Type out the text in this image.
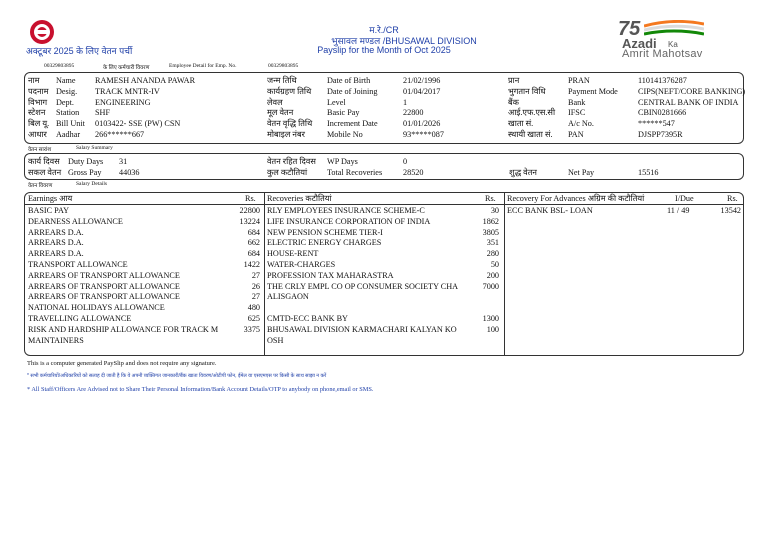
अक्टूबर 2025 के लिए वेतन पर्ची
म.रे./CR
भुसावल मण्डल /BHUSAWAL DIVISION
Payslip for the Month of Oct 2025
75
Azadi Ka
Amrit Mahotsav
00329803895	के लिए कर्मचारी विवरण	Employee Detail for Emp. No.	00329803895
नाम Name RAMESH ANANDA PAWAR
पदनाम Desig. TRACK MNTR-IV
विभाग Dept.	ENGINEERING
स्टेशन Station SHF
बिल यू. Bill Unit 0103422- SSE (PW) CSN
आधार Aadhar 266******667
जन्म तिथि	Date of Birth	21/02/1996
कार्यग्रहण तिथि Date of Joining	01/04/2017
लेवल	Level	1
मूल वेतन	Basic Pay	22800
वेतन वृद्धि तिथि Increment Date	01/01/2026
मोबाइल नंबर	Mobile No	93*****087
प्रान	PRAN	110141376287
भुगतान विधि	Payment Mode CIPS(NEFT/CORE BANKING)
बैंक	Bank	CENTRAL BANK OF INDIA
आई.एफ.एस.सी IFSC	CBIN0281666
खाता सं.	A/c No.	******547
स्थायी खाता सं. PAN	DJSPP7395R
वेतन सारांश	Salary Summary
कार्य दिवस Duty Days 31
सकल वेतन Gross Pay 44036
वेतन रहित दिवस WP Days	0
कुल कटौतियां Total Recoveries	28520	शुद्ध वेतन	Net Pay	15516
वेतन विवरण	Salary Details
Earnings आय	Rs. Recoveries कटौतियां	Rs. Recovery For Advances अग्रिम की कटौतियां	I/Due	Rs.
BASIC PAY	22800
DEARNESS ALLOWANCE	13224
ARREARS D.A.	684
ARREARS D.A.	662
ARREARS D.A.	684
TRANSPORT ALLOWANCE	1422
ARREARS OF TRANSPORT ALLOWANCE	27
ARREARS OF TRANSPORT ALLOWANCE	26
ARREARS OF TRANSPORT ALLOWANCE	27
NATIONAL HOLIDAYS ALLOWANCE	480
TRAVELLING ALLOWANCE	625
RISK AND HARDSHIP ALLOWANCE FOR TRACK M	3375
MAINTAINERS
RLY EMPLOYEES INSURANCE SCHEME-C	30
LIFE INSURANCE CORPORATION OF INDIA	1862
NEW PENSION SCHEME TIER-I	3805
ELECTRIC ENERGY CHARGES	351
HOUSE-RENT	280
WATER-CHARGES	50
PROFESSION TAX MAHARASTRA	200
THE CRLY EMPL CO OP CONSUMER SOCIETY CHA	7000
ALISGAON
CMTD-ECC BANK BY	1300
BHUSAWAL DIVISION KARMACHARI KALYAN KO	100
OSH
ECC BANK BSL- LOAN	11 / 49	13542
This is a computer generated PaySlip and does not require any signature.
* सभी कर्मचारियों/अधिकारियों को सलाह दी जाती है कि वे अपनी व्यक्तिगत जानकारी/बैंक खाता विवरण/ओटीपी फोन, ईमेल या एसएमएस पर किसी के साथ साझा न करें
* All Staff/Officers Are Advised not to Share Their Personal Information/Bank Account Details/OTP to anybody on phone,email or SMS.
